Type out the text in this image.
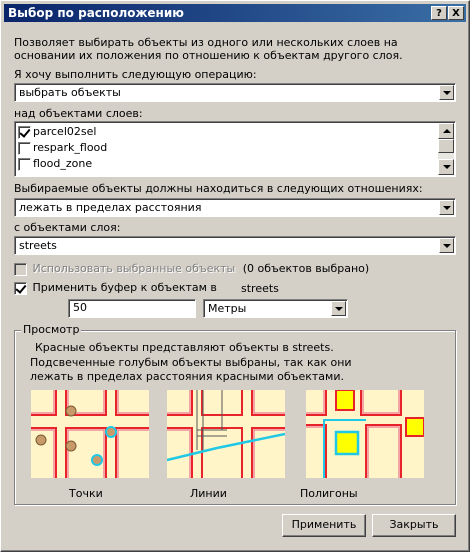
Выбор по расположению	?	X
Позволяет выбирать объекты из одного или нескольких слоев на
основании их положения по отношению к объектам другого слоя.
Я хочу выполнить следующую операцию:
выбрать объекты
над объектами слоев:
parcel02sel
respark_flood
flood_zone
Выбираемые объекты должны находиться в следующих отношениях:
лежать в пределах расстояния
с объектами слоя:
streets
Использовать выбранные объекты (0 объектов выбрано)
Применить буфер к объектам в streets
50	Метры
Просмотр
Красные объекты представляют объекты в streets.
Подсвеченные голубым объекты выбраны, так как они
лежать в пределах расстояния красными объектами.
Точки	Линии	Полигоны
Применить	Закрыть
